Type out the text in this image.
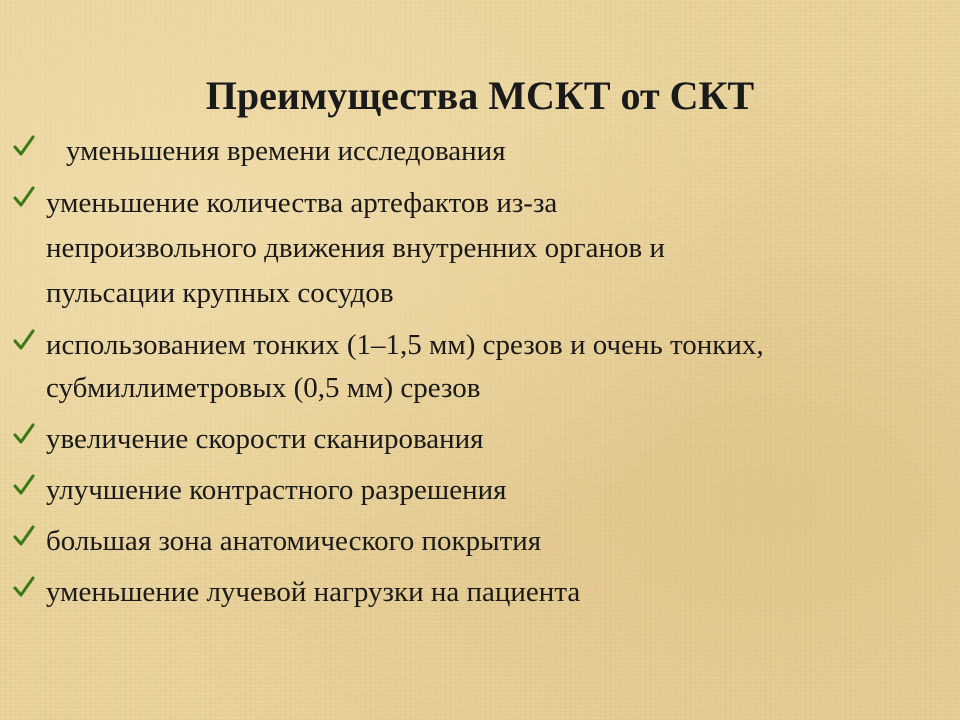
Преимущества МСКТ от СКТ
уменьшения времени исследования
уменьшение количества артефактов из-за непроизвольного движения внутренних органов и пульсации крупных сосудов
использованием тонких (1–1,5 мм) срезов и очень тонких, субмиллиметровых (0,5 мм) срезов
увеличение скорости сканирования
улучшение контрастного разрешения
большая зона анатомического покрытия
уменьшение лучевой нагрузки на пациента
